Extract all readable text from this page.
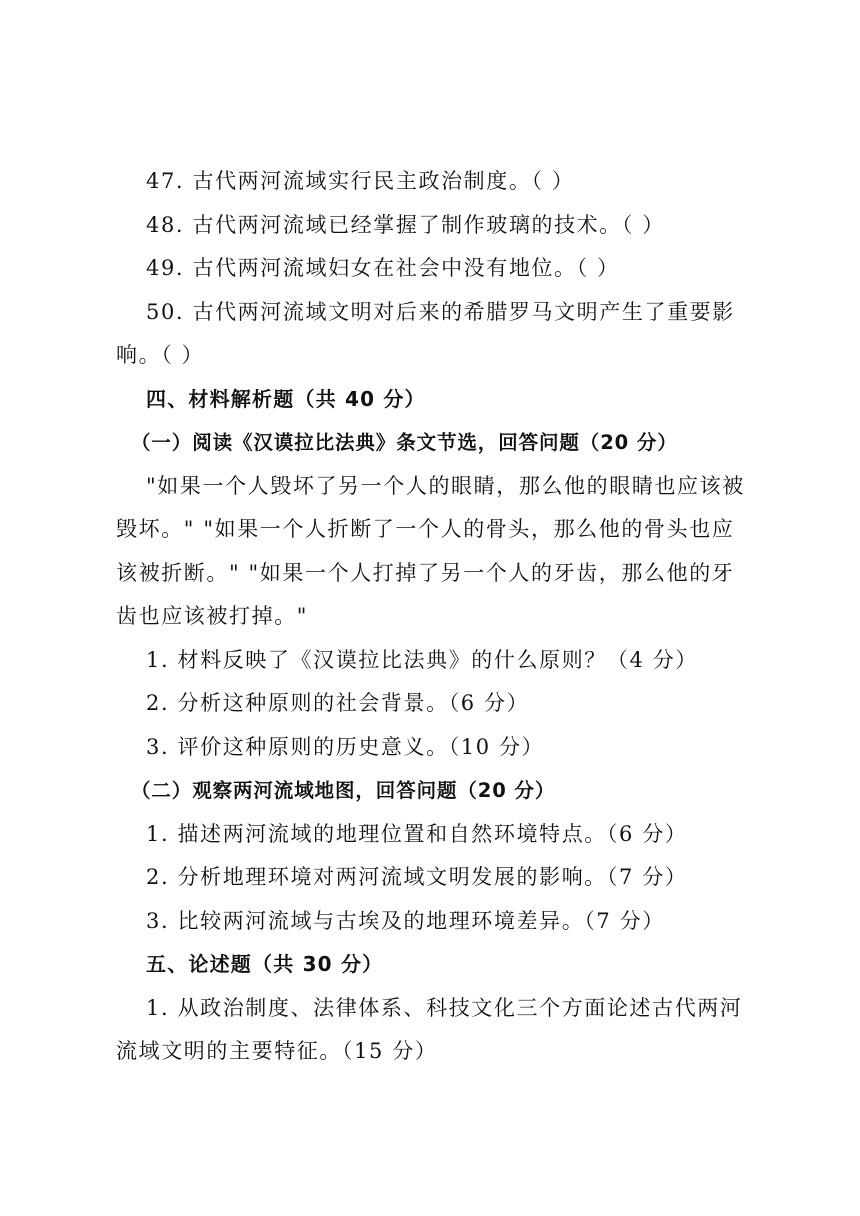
47. 古代两河流域实行民主政治制度。（ ）
48. 古代两河流域已经掌握了制作玻璃的技术。（ ）
49. 古代两河流域妇女在社会中没有地位。（ ）
50. 古代两河流域文明对后来的希腊罗马文明产生了重要影
响。（ ）
四、材料解析题（共 40 分）
（一）阅读《汉谟拉比法典》条文节选，回答问题（20 分）
"如果一个人毁坏了另一个人的眼睛，那么他的眼睛也应该被
毁坏。" "如果一个人折断了一个人的骨头，那么他的骨头也应
该被折断。" "如果一个人打掉了另一个人的牙齿，那么他的牙
齿也应该被打掉。"
1. 材料反映了《汉谟拉比法典》的什么原则？（4 分）
2. 分析这种原则的社会背景。（6 分）
3. 评价这种原则的历史意义。（10 分）
（二）观察两河流域地图，回答问题（20 分）
1. 描述两河流域的地理位置和自然环境特点。（6 分）
2. 分析地理环境对两河流域文明发展的影响。（7 分）
3. 比较两河流域与古埃及的地理环境差异。（7 分）
五、论述题（共 30 分）
1. 从政治制度、法律体系、科技文化三个方面论述古代两河
流域文明的主要特征。（15 分）
